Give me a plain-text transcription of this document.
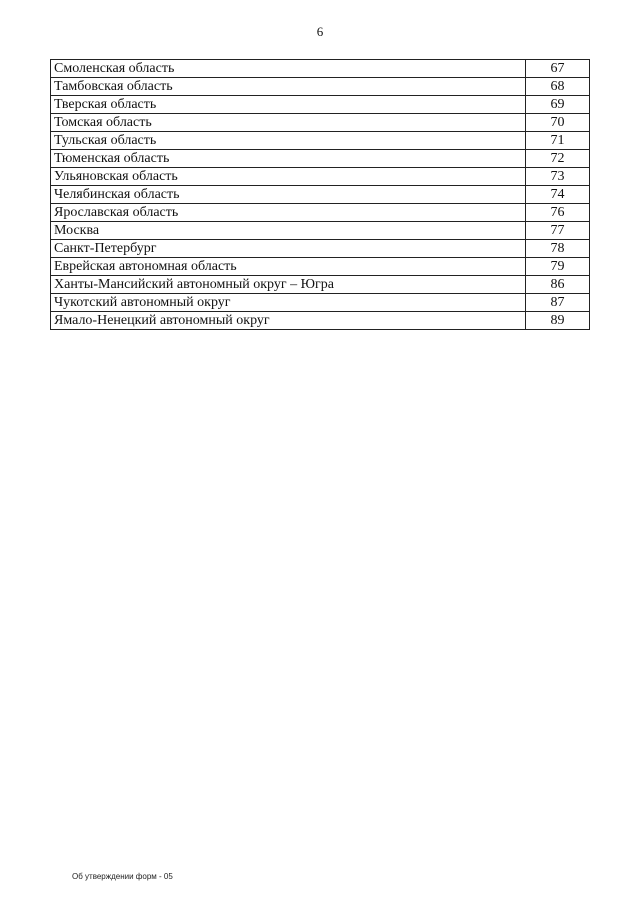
6
Смоленская область	67
Тамбовская область	68
Тверская область	69
Томская область	70
Тульская область	71
Тюменская область	72
Ульяновская область	73
Челябинская область	74
Ярославская область	76
Москва	77
Санкт-Петербург	78
Еврейская автономная область	79
Ханты-Мансийский автономный округ – Югра	86
Чукотский автономный округ	87
Ямало-Ненецкий автономный округ	89
Об утверждении форм - 05
